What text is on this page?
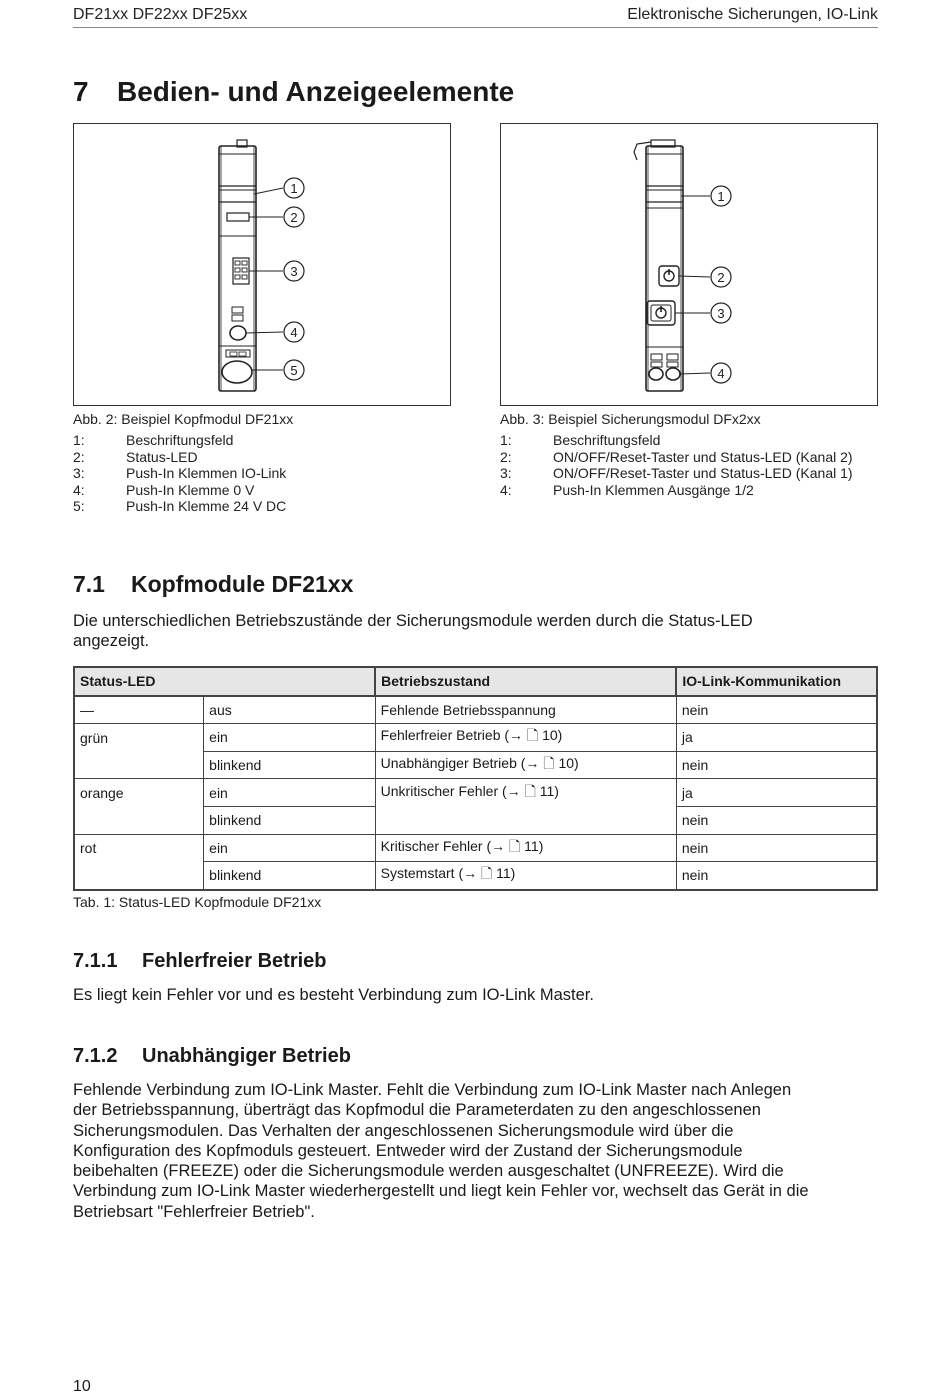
DF21xx DF22xx DF25xx	Elektronische Sicherungen, IO-Link
7 Bedien- und Anzeigeelemente
1
2
3
4
5
1
2
3
4
Abb. 2: Beispiel Kopfmodul DF21xx
1:	Beschriftungsfeld
2:	Status-LED
3:	Push-In Klemmen IO-Link
4:	Push-In Klemme 0 V
5:	Push-In Klemme 24 V DC
Abb. 3: Beispiel Sicherungsmodul DFx2xx
1:	Beschriftungsfeld
2:	ON/OFF/Reset-Taster und Status-LED (Kanal 2)
3:	ON/OFF/Reset-Taster und Status-LED (Kanal 1)
4:	Push-In Klemmen Ausgänge 1/2
7.1 Kopfmodule DF21xx
Die unterschiedlichen Betriebszustände der Sicherungsmodule werden durch die Status-LED angezeigt.
Status-LED		Betriebszustand	IO-Link-Kommunikation
—	aus	Fehlende Betriebsspannung	nein
grün	ein	Fehlerfreier Betrieb (→ 🗋 10)	ja
	blinkend	Unabhängiger Betrieb (→ 🗋 10)	nein
orange	ein	Unkritischer Fehler (→ 🗋 11)	ja
	blinkend		nein
rot	ein	Kritischer Fehler (→ 🗋 11)	nein
	blinkend	Systemstart (→ 🗋 11)	nein
Tab. 1: Status-LED Kopfmodule DF21xx
7.1.1 Fehlerfreier Betrieb
Es liegt kein Fehler vor und es besteht Verbindung zum IO-Link Master.
7.1.2 Unabhängiger Betrieb
Fehlende Verbindung zum IO-Link Master. Fehlt die Verbindung zum IO-Link Master nach Anlegen
der Betriebsspannung, überträgt das Kopfmodul die Parameterdaten zu den angeschlossenen
Sicherungsmodulen. Das Verhalten der angeschlossenen Sicherungsmodule wird über die
Konfiguration des Kopfmoduls gesteuert. Entweder wird der Zustand der Sicherungsmodule
beibehalten (FREEZE) oder die Sicherungsmodule werden ausgeschaltet (UNFREEZE). Wird die
Verbindung zum IO-Link Master wiederhergestellt und liegt kein Fehler vor, wechselt das Gerät in die
Betriebsart "Fehlerfreier Betrieb".
10
